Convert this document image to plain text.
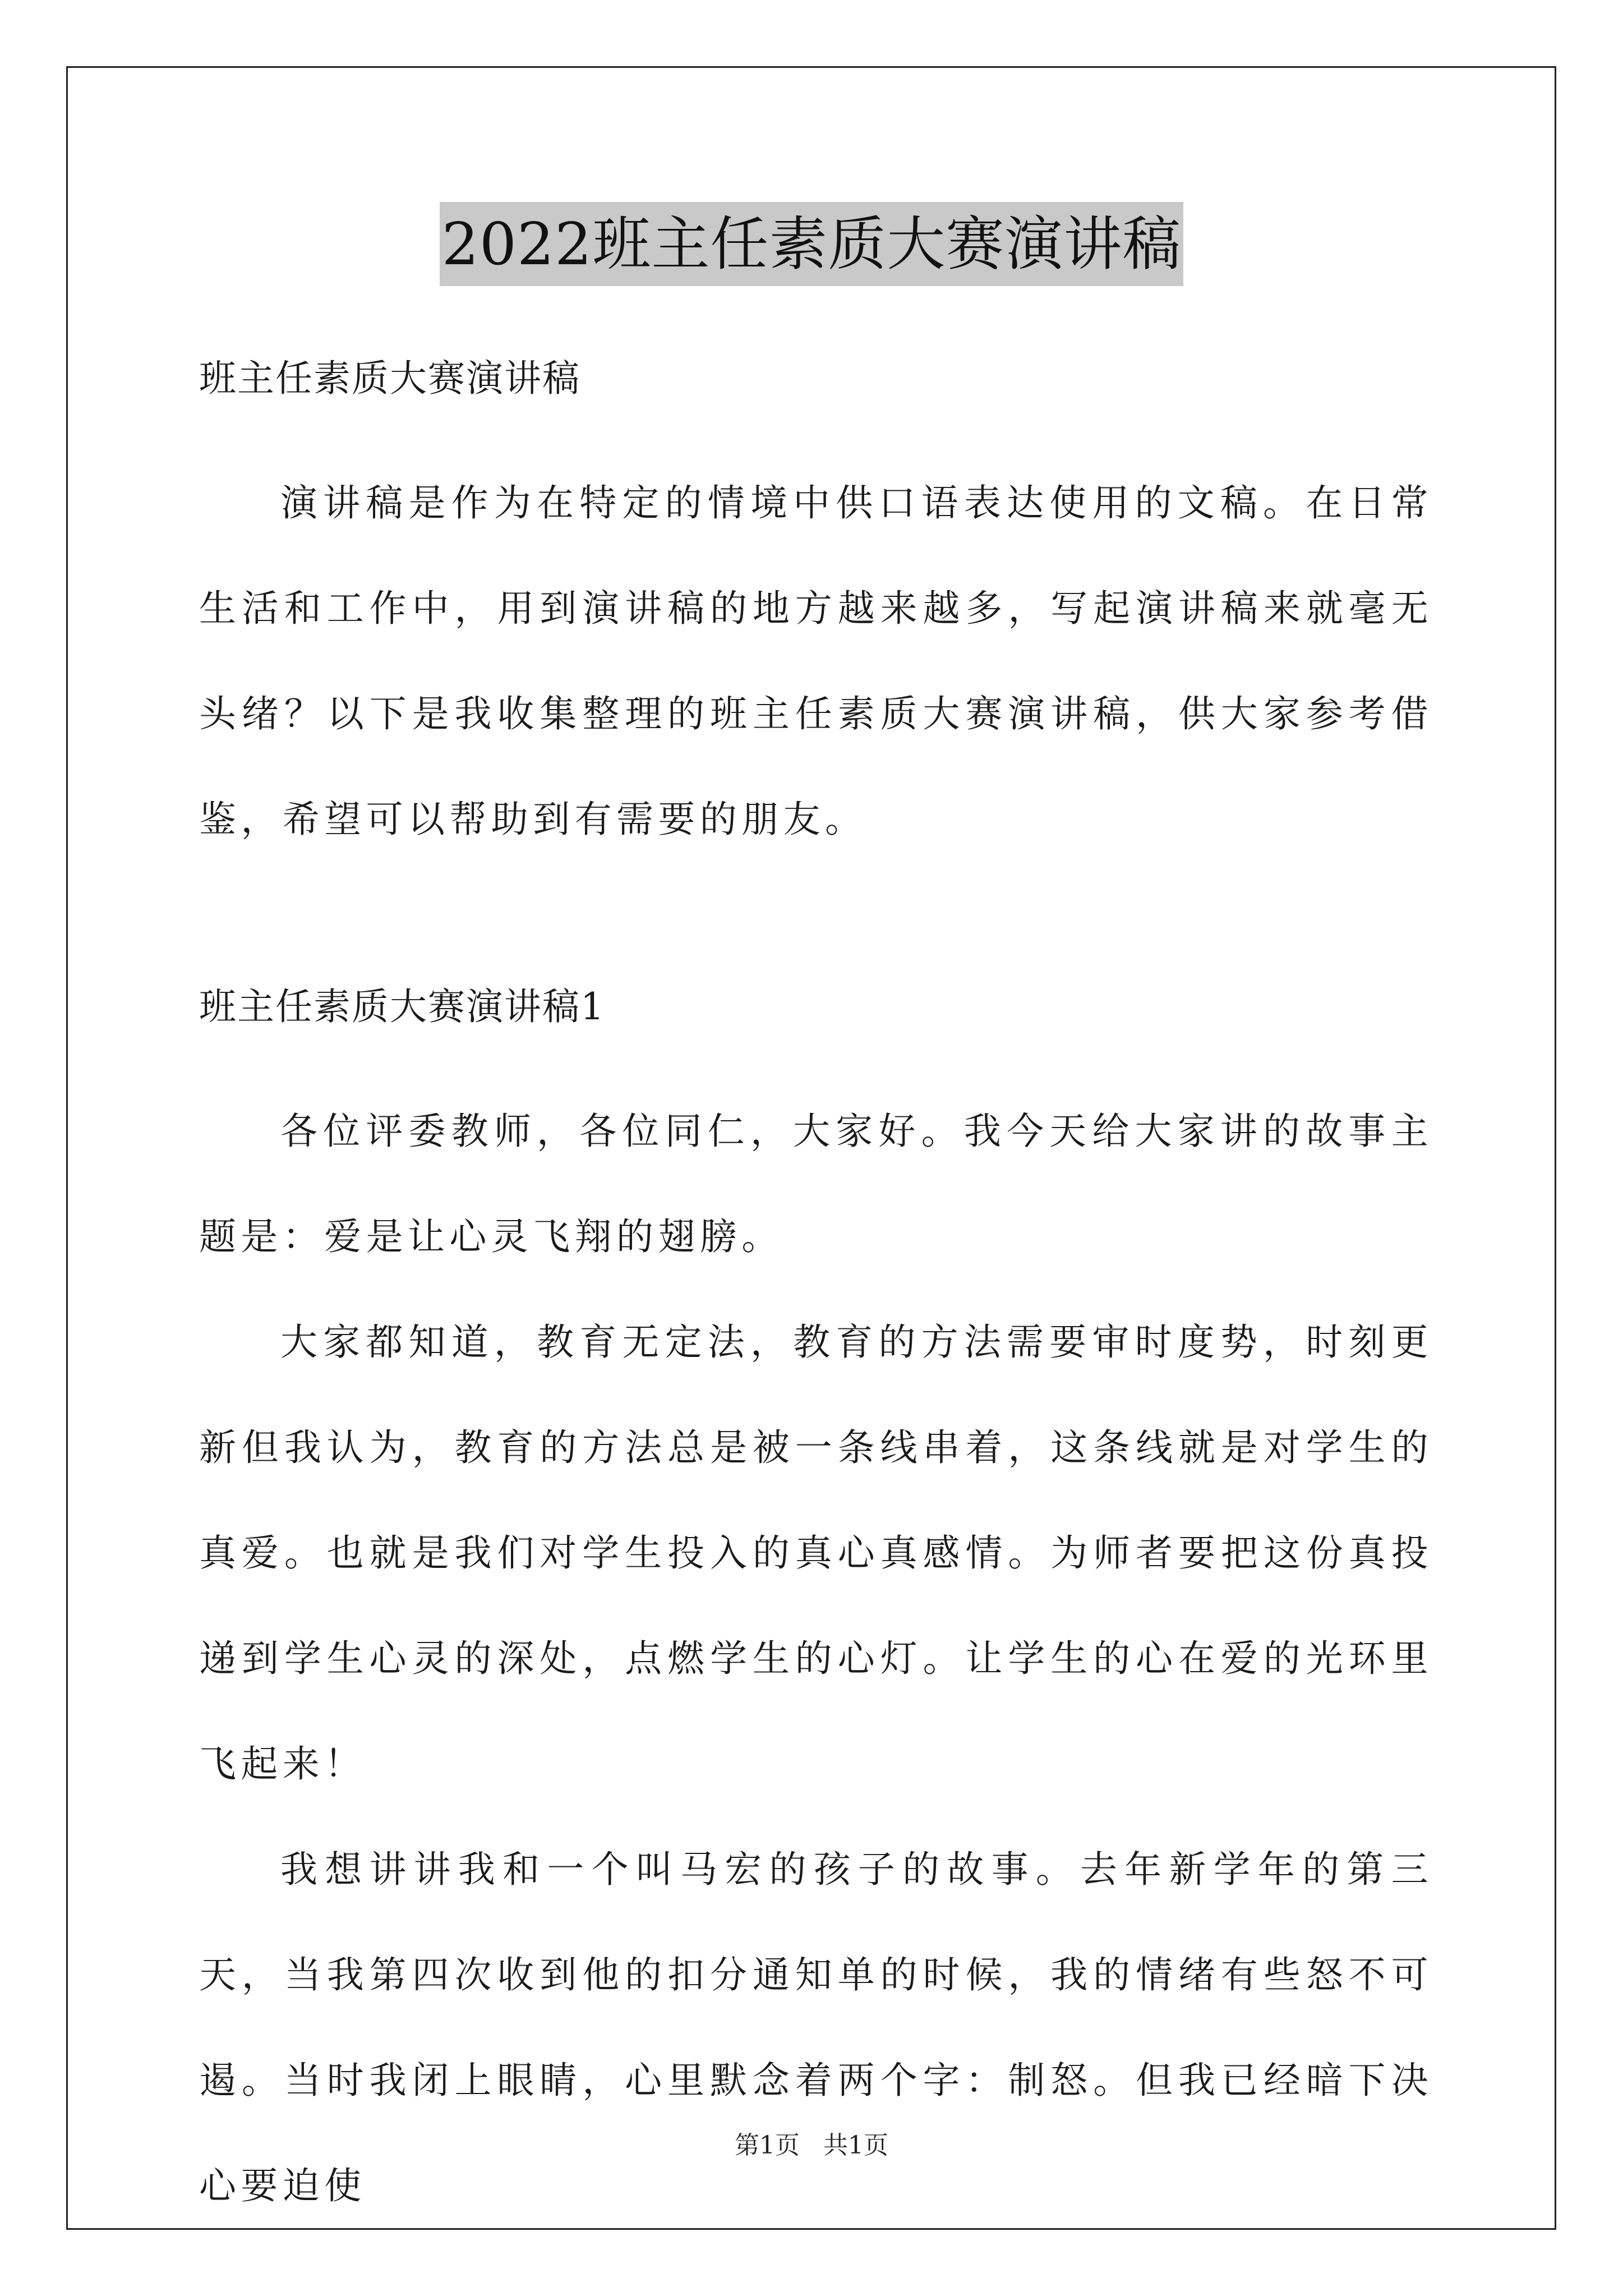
2022班主任素质大赛演讲稿

班主任素质大赛演讲稿

演讲稿是作为在特定的情境中供口语表达使用的文稿。在日常生活和工作中，用到演讲稿的地方越来越多，写起演讲稿来就毫无头绪？以下是我收集整理的班主任素质大赛演讲稿，供大家参考借鉴，希望可以帮助到有需要的朋友。

班主任素质大赛演讲稿1

各位评委教师，各位同仁，大家好。我今天给大家讲的故事主题是：爱是让心灵飞翔的翅膀。

大家都知道，教育无定法，教育的方法需要审时度势，时刻更新但我认为，教育的方法总是被一条线串着，这条线就是对学生的真爱。也就是我们对学生投入的真心真感情。为师者要把这份真投递到学生心灵的深处，点燃学生的心灯。让学生的心在爱的光环里飞起来！

我想讲讲我和一个叫马宏的孩子的故事。去年新学年的第三天，当我第四次收到他的扣分通知单的时候，我的情绪有些怒不可遏。当时我闭上眼睛，心里默念着两个字：制怒。但我已经暗下决心要迫使

第1页 共1页
